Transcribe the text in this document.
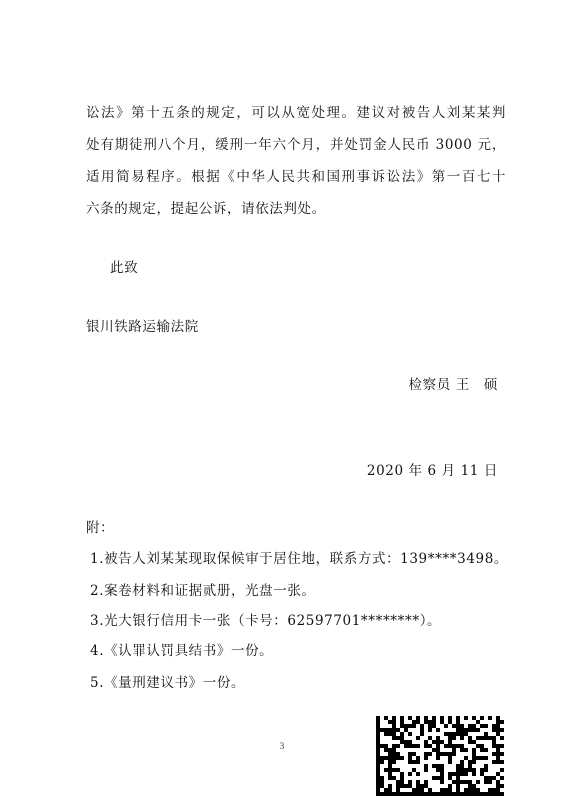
讼法》第十五条的规定，可以从宽处理。建议对被告人刘某某判
处有期徒刑八个月，缓刑一年六个月，并处罚金人民币 3000 元，
适用简易程序。根据《中华人民共和国刑事诉讼法》第一百七十
六条的规定，提起公诉，请依法判处。
此致
银川铁路运输法院
检察员 王　硕
2020 年 6 月 11 日
附：
1.被告人刘某某现取保候审于居住地，联系方式：139****3498。
2.案卷材料和证据贰册，光盘一张。
3.光大银行信用卡一张（卡号：62597701********）。
4.《认罪认罚具结书》一份。
5.《量刑建议书》一份。
3
